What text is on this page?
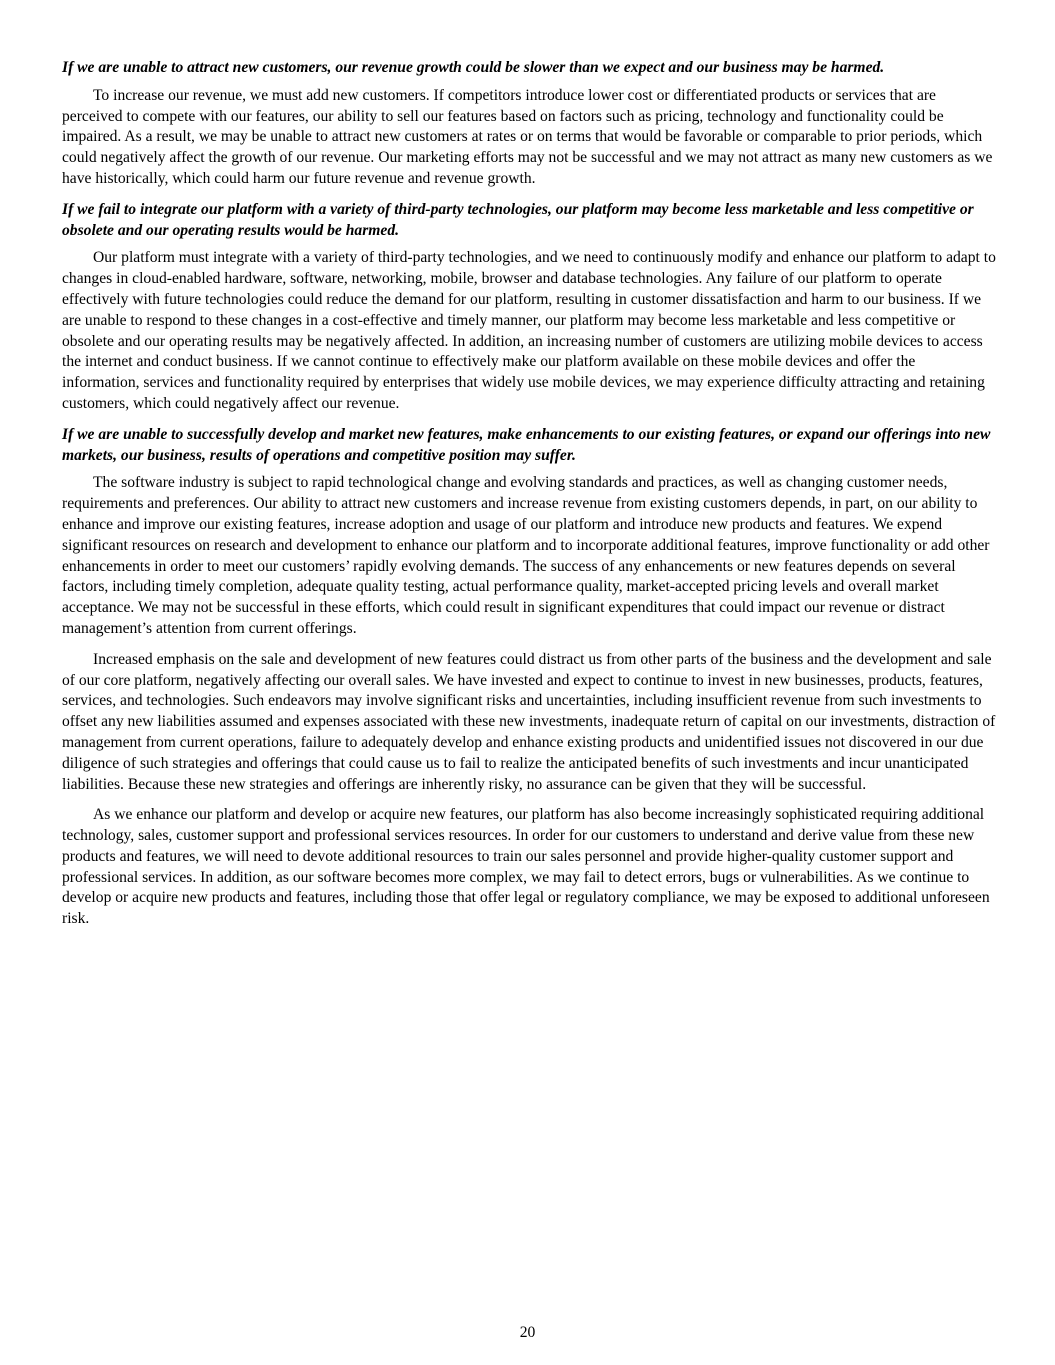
If we are unable to attract new customers, our revenue growth could be slower than we expect and our business may be harmed.

To increase our revenue, we must add new customers. If competitors introduce lower cost or differentiated products or services that are perceived to compete with our features, our ability to sell our features based on factors such as pricing, technology and functionality could be impaired. As a result, we may be unable to attract new customers at rates or on terms that would be favorable or comparable to prior periods, which could negatively affect the growth of our revenue. Our marketing efforts may not be successful and we may not attract as many new customers as we have historically, which could harm our future revenue and revenue growth.

If we fail to integrate our platform with a variety of third-party technologies, our platform may become less marketable and less competitive or obsolete and our operating results would be harmed.

Our platform must integrate with a variety of third-party technologies, and we need to continuously modify and enhance our platform to adapt to changes in cloud-enabled hardware, software, networking, mobile, browser and database technologies. Any failure of our platform to operate effectively with future technologies could reduce the demand for our platform, resulting in customer dissatisfaction and harm to our business. If we are unable to respond to these changes in a cost-effective and timely manner, our platform may become less marketable and less competitive or obsolete and our operating results may be negatively affected. In addition, an increasing number of customers are utilizing mobile devices to access the internet and conduct business. If we cannot continue to effectively make our platform available on these mobile devices and offer the information, services and functionality required by enterprises that widely use mobile devices, we may experience difficulty attracting and retaining customers, which could negatively affect our revenue.

If we are unable to successfully develop and market new features, make enhancements to our existing features, or expand our offerings into new markets, our business, results of operations and competitive position may suffer.

The software industry is subject to rapid technological change and evolving standards and practices, as well as changing customer needs, requirements and preferences. Our ability to attract new customers and increase revenue from existing customers depends, in part, on our ability to enhance and improve our existing features, increase adoption and usage of our platform and introduce new products and features. We expend significant resources on research and development to enhance our platform and to incorporate additional features, improve functionality or add other enhancements in order to meet our customers’ rapidly evolving demands. The success of any enhancements or new features depends on several factors, including timely completion, adequate quality testing, actual performance quality, market-accepted pricing levels and overall market acceptance. We may not be successful in these efforts, which could result in significant expenditures that could impact our revenue or distract management’s attention from current offerings.

Increased emphasis on the sale and development of new features could distract us from other parts of the business and the development and sale of our core platform, negatively affecting our overall sales. We have invested and expect to continue to invest in new businesses, products, features, services, and technologies. Such endeavors may involve significant risks and uncertainties, including insufficient revenue from such investments to offset any new liabilities assumed and expenses associated with these new investments, inadequate return of capital on our investments, distraction of management from current operations, failure to adequately develop and enhance existing products and unidentified issues not discovered in our due diligence of such strategies and offerings that could cause us to fail to realize the anticipated benefits of such investments and incur unanticipated liabilities. Because these new strategies and offerings are inherently risky, no assurance can be given that they will be successful.

As we enhance our platform and develop or acquire new features, our platform has also become increasingly sophisticated requiring additional technology, sales, customer support and professional services resources. In order for our customers to understand and derive value from these new products and features, we will need to devote additional resources to train our sales personnel and provide higher-quality customer support and professional services. In addition, as our software becomes more complex, we may fail to detect errors, bugs or vulnerabilities. As we continue to develop or acquire new products and features, including those that offer legal or regulatory compliance, we may be exposed to additional unforeseen risk.

20
